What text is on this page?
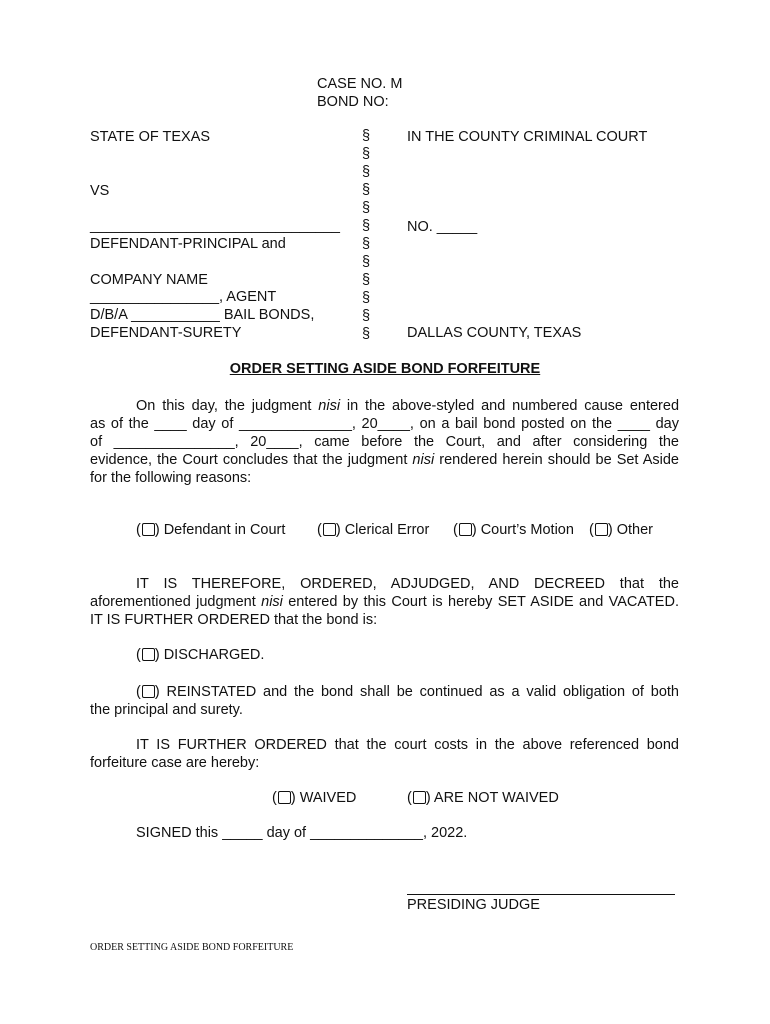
CASE NO. M
BOND NO:
STATE OF TEXAS
VS
_______________________________
DEFENDANT-PRINCIPAL and
COMPANY NAME
________________, AGENT
D/B/A ___________ BAIL BONDS,
DEFENDANT-SURETY
§
§
§
§
§
§
§
§
§
§
§
§
IN THE COUNTY CRIMINAL COURT
NO. _____
DALLAS COUNTY, TEXAS
ORDER SETTING ASIDE BOND FORFEITURE
On this day, the judgment nisi in the above-styled and numbered cause entered
as of the ____ day of ______________, 20____, on a bail bond posted on the ____ day
of _______________, 20____, came before the Court, and after considering the
evidence, the Court concludes that the judgment nisi rendered herein should be Set Aside
for the following reasons:
( ) Defendant in Court ( ) Clerical Error ( ) Court’s Motion ( ) Other
IT IS THEREFORE, ORDERED, ADJUDGED, AND DECREED that the
aforementioned judgment nisi entered by this Court is hereby SET ASIDE and VACATED.
IT IS FURTHER ORDERED that the bond is:
( ) DISCHARGED.
( ) REINSTATED and the bond shall be continued as a valid obligation of both
the principal and surety.
IT IS FURTHER ORDERED that the court costs in the above referenced bond
forfeiture case are hereby:
( ) WAIVED	( ) ARE NOT WAIVED
SIGNED this _____ day of ______________, 2022.
PRESIDING JUDGE
ORDER SETTING ASIDE BOND FORFEITURE
